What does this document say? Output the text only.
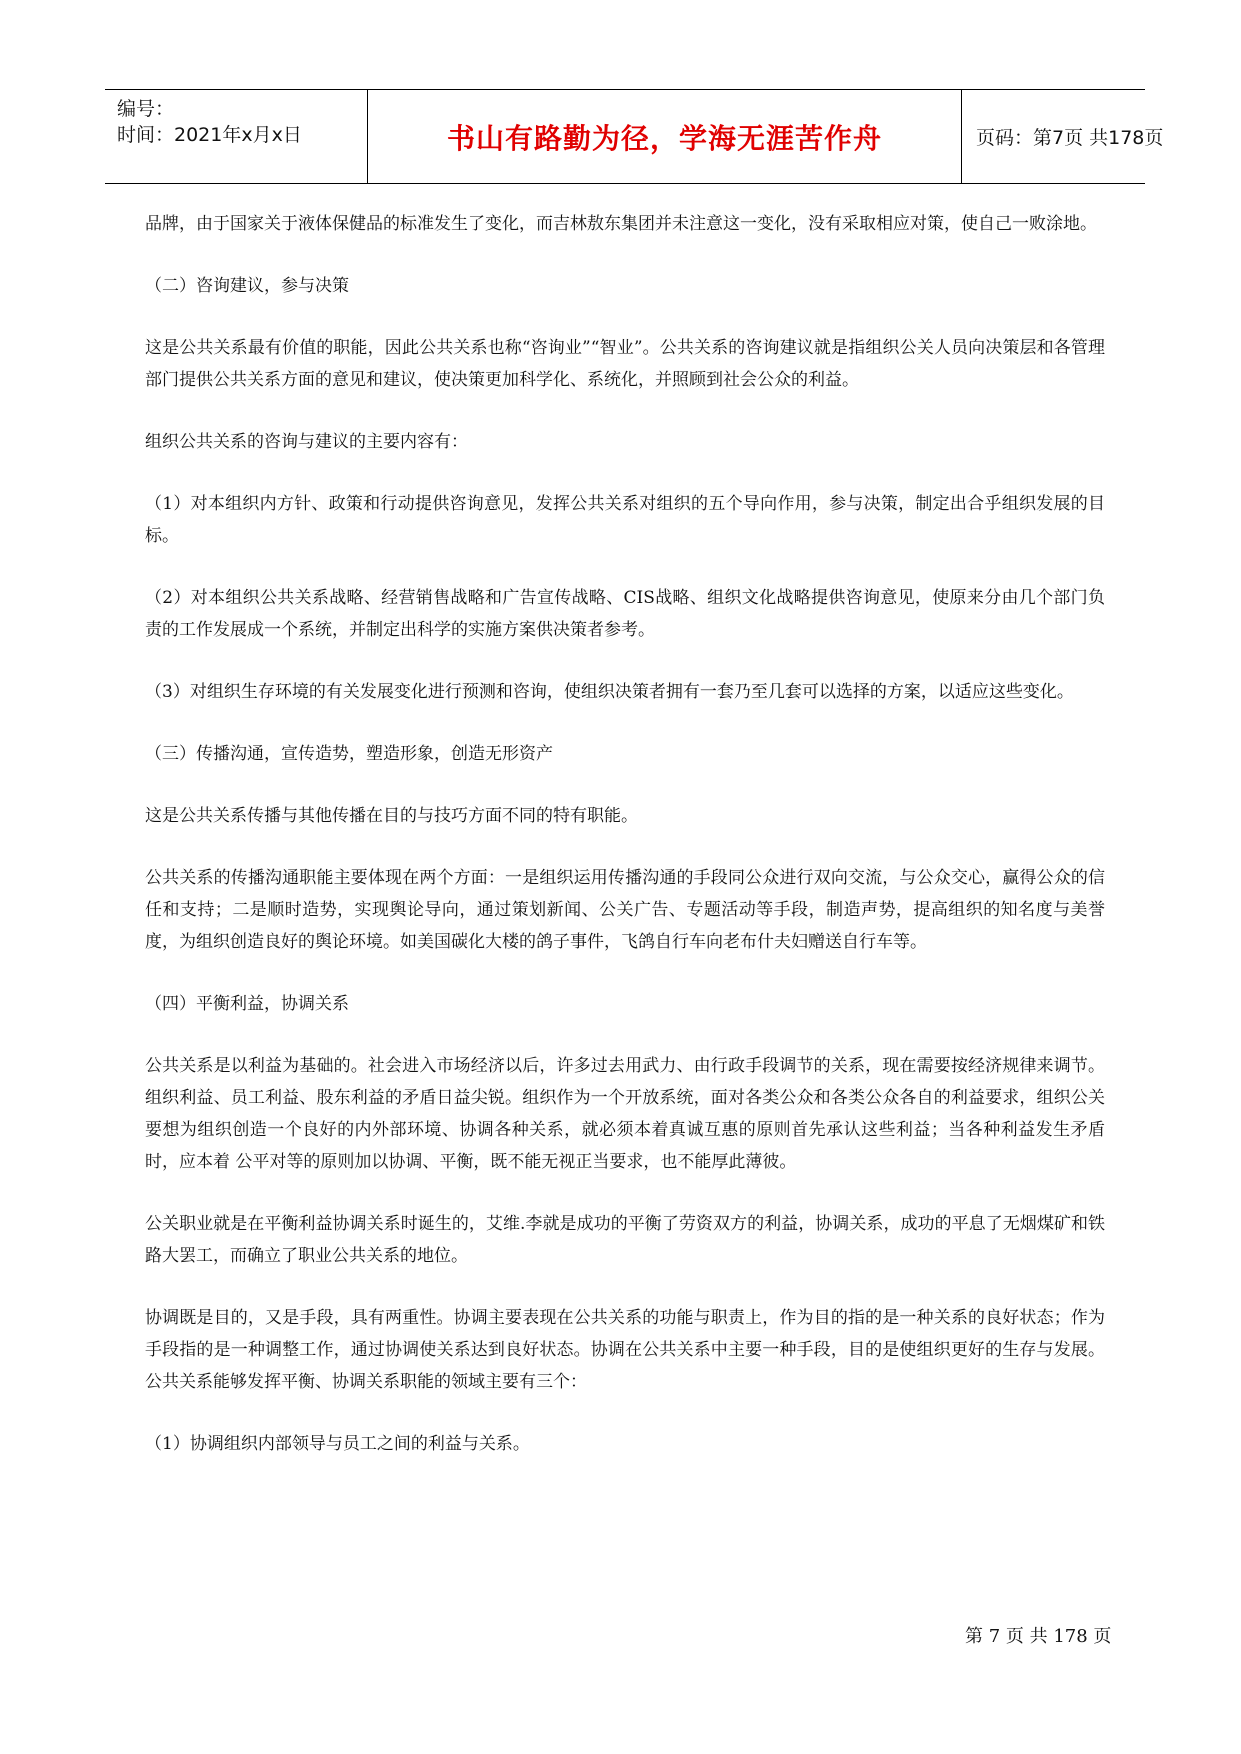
编号：
时间：2021年x月x日	书山有路勤为径，学海无涯苦作舟	页码：第7页 共178页

品牌，由于国家关于液体保健品的标准发生了变化，而吉林敖东集团并未注意这一变化，没有采取相应对策，使自己一败涂地。

（二）咨询建议，参与决策

这是公共关系最有价值的职能，因此公共关系也称“咨询业”“智业”。公共关系的咨询建议就是指组织公关人员向决策层和各管理部门提供公共关系方面的意见和建议，使决策更加科学化、系统化，并照顾到社会公众的利益。

组织公共关系的咨询与建议的主要内容有：

（1）对本组织内方针、政策和行动提供咨询意见，发挥公共关系对组织的五个导向作用，参与决策，制定出合乎组织发展的目标。

（2）对本组织公共关系战略、经营销售战略和广告宣传战略、CIS战略、组织文化战略提供咨询意见，使原来分由几个部门负责的工作发展成一个系统，并制定出科学的实施方案供决策者参考。

（3）对组织生存环境的有关发展变化进行预测和咨询，使组织决策者拥有一套乃至几套可以选择的方案，以适应这些变化。

（三）传播沟通，宣传造势，塑造形象，创造无形资产

这是公共关系传播与其他传播在目的与技巧方面不同的特有职能。

公共关系的传播沟通职能主要体现在两个方面：一是组织运用传播沟通的手段同公众进行双向交流，与公众交心，赢得公众的信任和支持；二是顺时造势，实现舆论导向，通过策划新闻、公关广告、专题活动等手段，制造声势，提高组织的知名度与美誉度，为组织创造良好的舆论环境。如美国碳化大楼的鸽子事件，飞鸽自行车向老布什夫妇赠送自行车等。

（四）平衡利益，协调关系

公共关系是以利益为基础的。社会进入市场经济以后，许多过去用武力、由行政手段调节的关系，现在需要按经济规律来调节。组织利益、员工利益、股东利益的矛盾日益尖锐。组织作为一个开放系统，面对各类公众和各类公众各自的利益要求，组织公关要想为组织创造一个良好的内外部环境、协调各种关系，就必须本着真诚互惠的原则首先承认这些利益；当各种利益发生矛盾时，应本着 公平对等的原则加以协调、平衡，既不能无视正当要求，也不能厚此薄彼。

公关职业就是在平衡利益协调关系时诞生的，艾维.李就是成功的平衡了劳资双方的利益，协调关系，成功的平息了无烟煤矿和铁路大罢工，而确立了职业公共关系的地位。

协调既是目的，又是手段，具有两重性。协调主要表现在公共关系的功能与职责上，作为目的指的是一种关系的良好状态；作为手段指的是一种调整工作，通过协调使关系达到良好状态。协调在公共关系中主要一种手段，目的是使组织更好的生存与发展。公共关系能够发挥平衡、协调关系职能的领域主要有三个：

（1）协调组织内部领导与员工之间的利益与关系。

第 7 页 共 178 页
